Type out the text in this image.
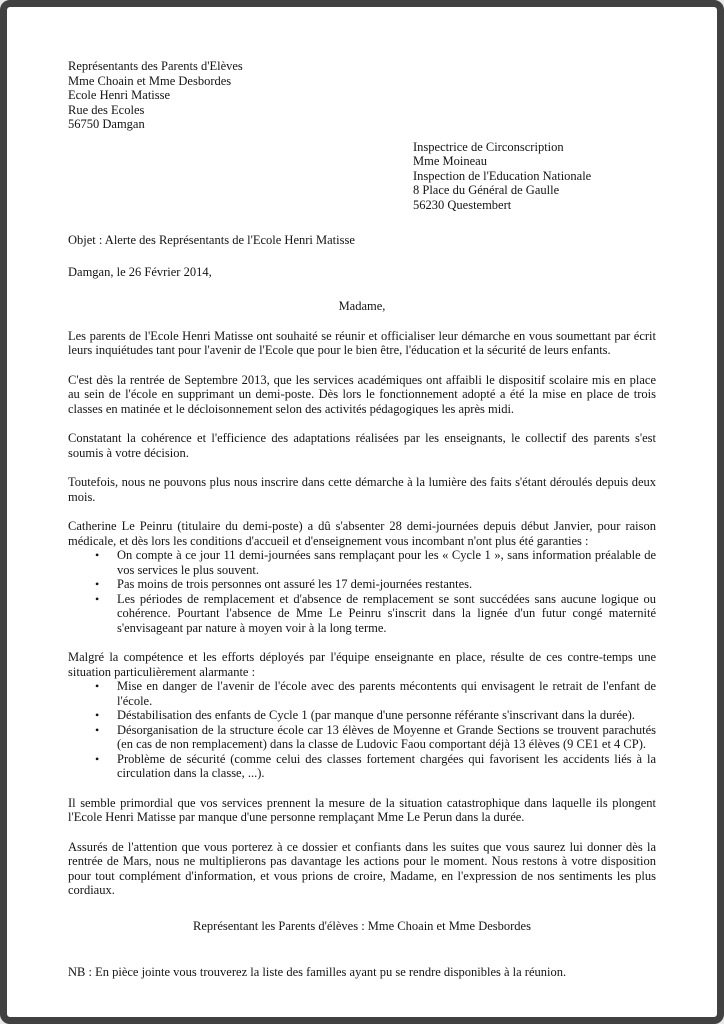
Représentants des Parents d'Elèves
Mme Choain et Mme Desbordes
Ecole Henri Matisse
Rue des Ecoles
56750 Damgan
Inspectrice de Circonscription
Mme Moineau
Inspection de l'Education Nationale
8 Place du Général de Gaulle
56230 Questembert
Objet : Alerte des Représentants de l'Ecole Henri Matisse
Damgan, le 26 Février 2014,
Madame,

Les parents de l'Ecole Henri Matisse ont souhaité se réunir et officialiser leur démarche en vous soumettant par écrit leurs inquiétudes tant pour l'avenir de l'Ecole que pour le bien être, l'éducation et la sécurité de leurs enfants.

C'est dès la rentrée de Septembre 2013, que les services académiques ont affaibli le dispositif scolaire mis en place au sein de l'école en supprimant un demi-poste. Dès lors le fonctionnement adopté a été la mise en place de trois classes en matinée et le décloisonnement selon des activités pédagogiques les après midi.

Constatant la cohérence et l'efficience des adaptations réalisées par les enseignants, le collectif des parents s'est soumis à votre décision.

Toutefois, nous ne pouvons plus nous inscrire dans cette démarche à la lumière des faits s'étant déroulés depuis deux mois.

Catherine Le Peinru (titulaire du demi-poste) a dû s'absenter 28 demi-journées depuis début Janvier, pour raison médicale, et dès lors les conditions d'accueil et d'enseignement vous incombant n'ont plus été garanties :

• On compte à ce jour 11 demi-journées sans remplaçant pour les « Cycle 1 », sans information préalable de vos services le plus souvent.
• Pas moins de trois personnes ont assuré les 17 demi-journées restantes.
• Les périodes de remplacement et d'absence de remplacement se sont succédées sans aucune logique ou cohérence. Pourtant l'absence de Mme Le Peinru s'inscrit dans la lignée d'un futur congé maternité s'envisageant par nature à moyen voir à la long terme.

Malgré la compétence et les efforts déployés par l'équipe enseignante en place, résulte de ces contre-temps une situation particulièrement alarmante :

• Mise en danger de l'avenir de l'école avec des parents mécontents qui envisagent le retrait de l'enfant de l'école.
• Déstabilisation des enfants de Cycle 1 (par manque d'une personne référante s'inscrivant dans la durée).
• Désorganisation de la structure école car 13 élèves de Moyenne et Grande Sections se trouvent parachutés (en cas de non remplacement) dans la classe de Ludovic Faou comportant déjà 13 élèves (9 CE1 et 4 CP).
• Problème de sécurité (comme celui des classes fortement chargées qui favorisent les accidents liés à la circulation dans la classe, ...).

Il semble primordial que vos services prennent la mesure de la situation catastrophique dans laquelle ils plongent l'Ecole Henri Matisse par manque d'une personne remplaçant Mme Le Perun dans la durée.

Assurés de l'attention que vous porterez à ce dossier et confiants dans les suites que vous saurez lui donner dès la rentrée de Mars, nous ne multiplierons pas davantage les actions pour le moment. Nous restons à votre disposition pour tout complément d'information, et vous prions de croire, Madame, en l'expression de nos sentiments les plus cordiaux.

Représentant les Parents d'élèves : Mme Choain et Mme Desbordes
NB : En pièce jointe vous trouverez la liste des familles ayant pu se rendre disponibles à la réunion.
